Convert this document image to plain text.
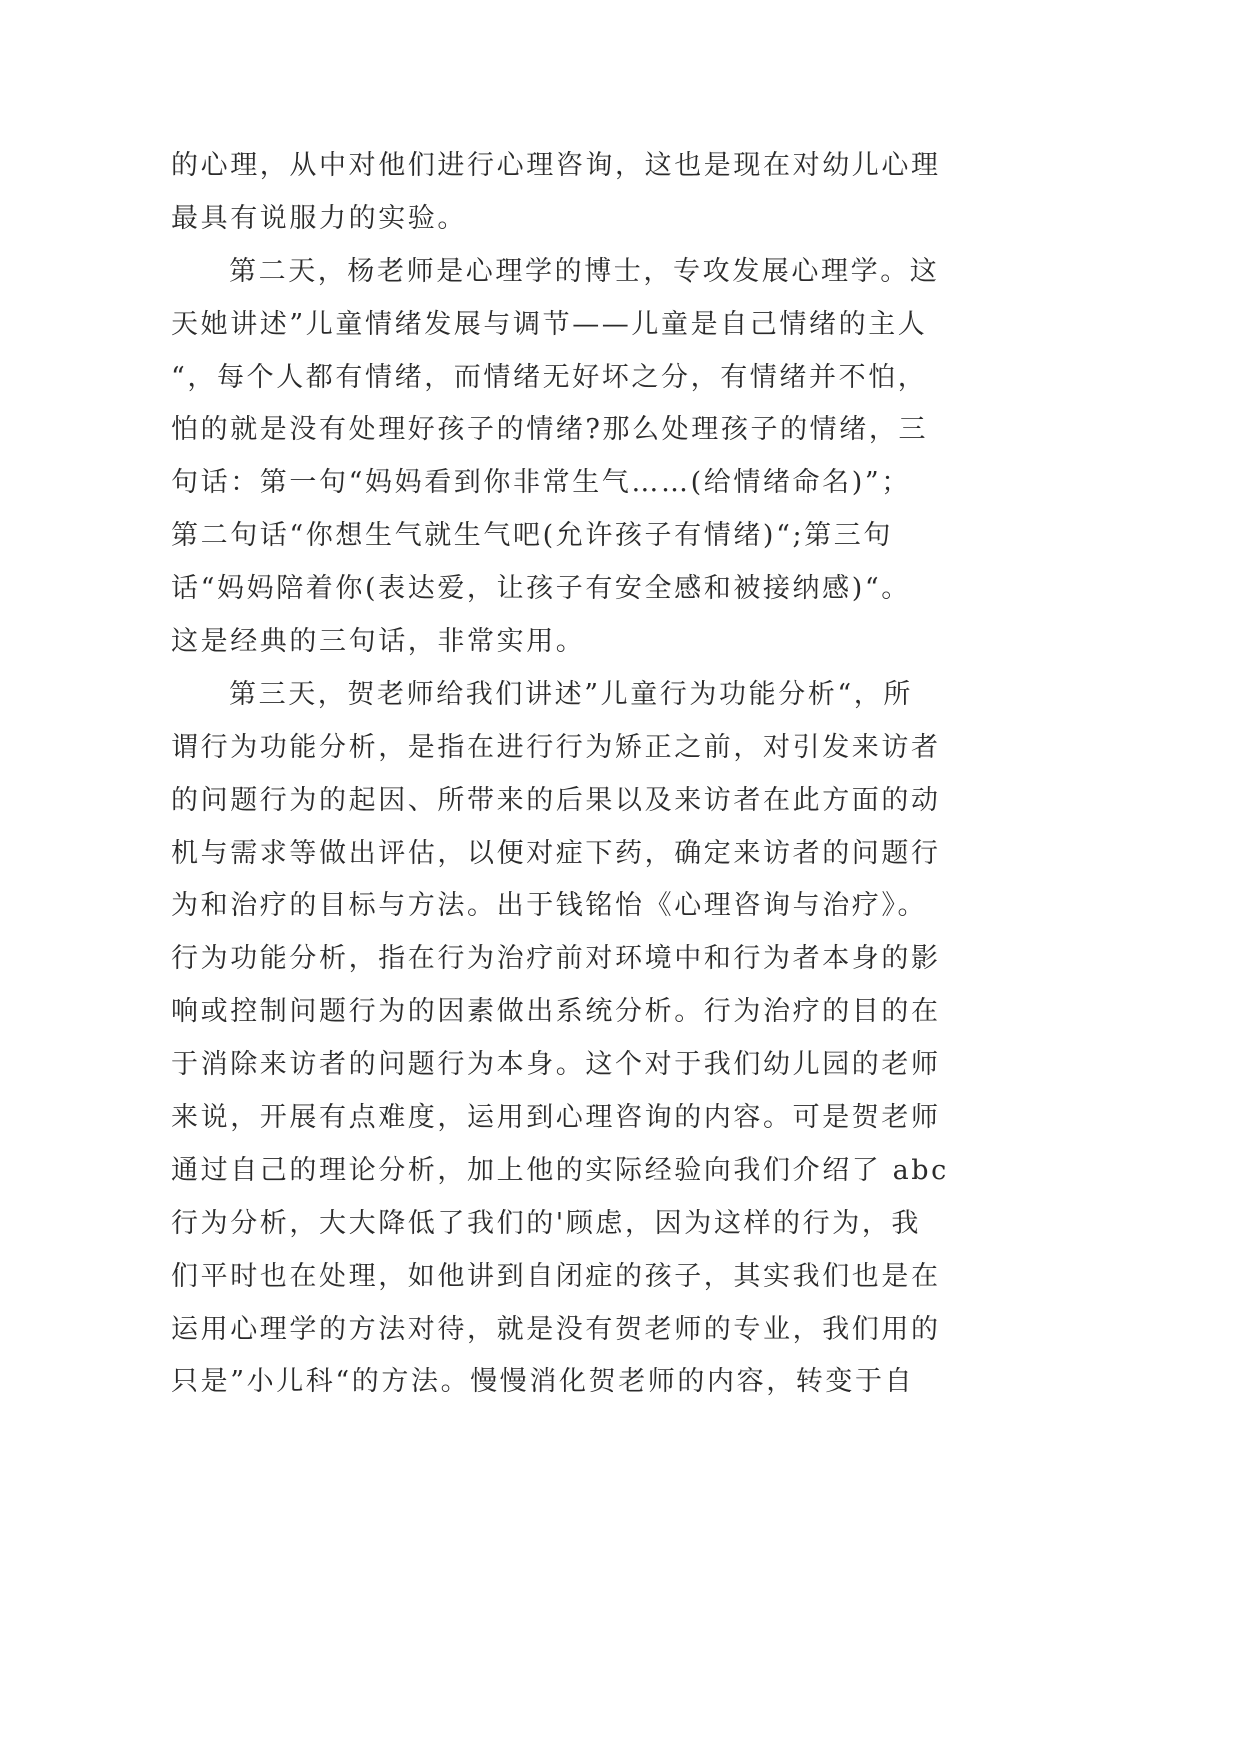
的心理，从中对他们进行心理咨询，这也是现在对幼儿心理
最具有说服力的实验。
第二天，杨老师是心理学的博士，专攻发展心理学。这
天她讲述”儿童情绪发展与调节——儿童是自己情绪的主人
“，每个人都有情绪，而情绪无好坏之分，有情绪并不怕，
怕的就是没有处理好孩子的情绪?那么处理孩子的情绪，三
句话：第一句“妈妈看到你非常生气……(给情绪命名)”；
第二句话“你想生气就生气吧(允许孩子有情绪)“;第三句
话“妈妈陪着你(表达爱，让孩子有安全感和被接纳感)“。
这是经典的三句话，非常实用。
第三天，贺老师给我们讲述”儿童行为功能分析“，所
谓行为功能分析，是指在进行行为矫正之前，对引发来访者
的问题行为的起因、所带来的后果以及来访者在此方面的动
机与需求等做出评估，以便对症下药，确定来访者的问题行
为和治疗的目标与方法。出于钱铭怡《心理咨询与治疗》。
行为功能分析，指在行为治疗前对环境中和行为者本身的影
响或控制问题行为的因素做出系统分析。行为治疗的目的在
于消除来访者的问题行为本身。这个对于我们幼儿园的老师
来说，开展有点难度，运用到心理咨询的内容。可是贺老师
通过自己的理论分析，加上他的实际经验向我们介绍了 abc
行为分析，大大降低了我们的'顾虑，因为这样的行为，我
们平时也在处理，如他讲到自闭症的孩子，其实我们也是在
运用心理学的方法对待，就是没有贺老师的专业，我们用的
只是”小儿科“的方法。慢慢消化贺老师的内容，转变于自
